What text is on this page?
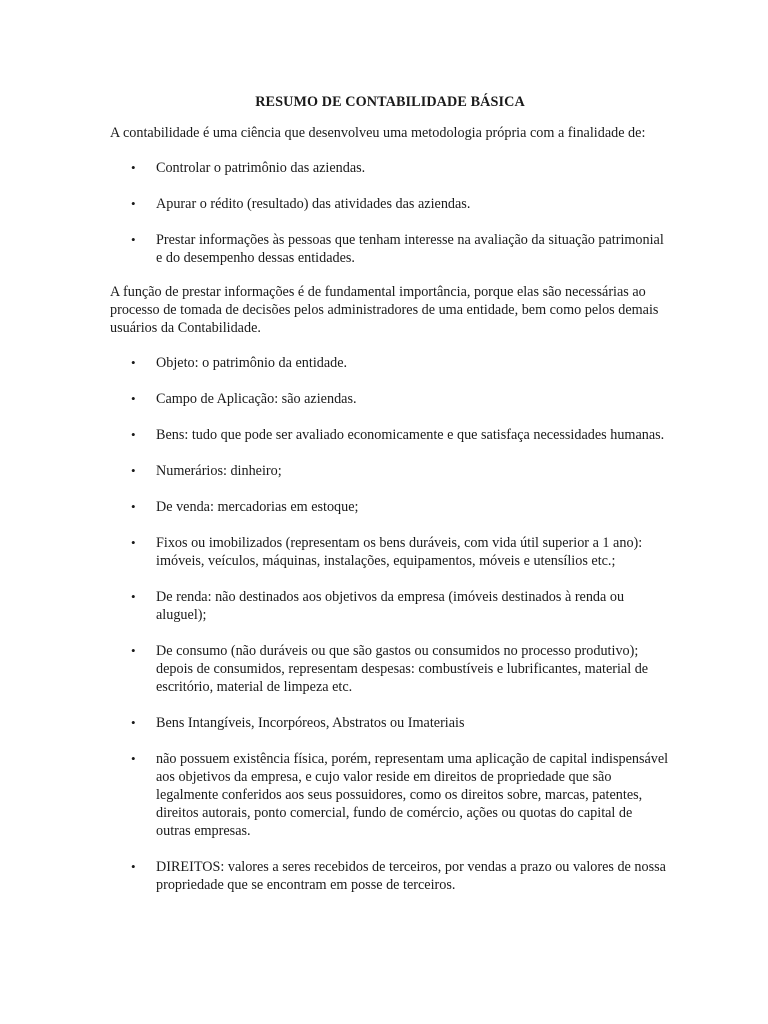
RESUMO DE CONTABILIDADE BÁSICA

A contabilidade é uma ciência que desenvolveu uma metodologia própria com a finalidade de:

• Controlar o patrimônio das aziendas.
• Apurar o rédito (resultado) das atividades das aziendas.
• Prestar informações às pessoas que tenham interesse na avaliação da situação patrimonial e do desempenho dessas entidades.

A função de prestar informações é de fundamental importância, porque elas são necessárias ao processo de tomada de decisões pelos administradores de uma entidade, bem como pelos demais usuários da Contabilidade.

• Objeto: o patrimônio da entidade.
• Campo de Aplicação: são aziendas.
• Bens: tudo que pode ser avaliado economicamente e que satisfaça necessidades humanas.
• Numerários: dinheiro;
• De venda: mercadorias em estoque;
• Fixos ou imobilizados (representam os bens duráveis, com vida útil superior a 1 ano): imóveis, veículos, máquinas, instalações, equipamentos, móveis e utensílios etc.;
• De renda: não destinados aos objetivos da empresa (imóveis destinados à renda ou aluguel);
• De consumo (não duráveis ou que são gastos ou consumidos no processo produtivo); depois de consumidos, representam despesas: combustíveis e lubrificantes, material de escritório, material de limpeza etc.
• Bens Intangíveis, Incorpóreos, Abstratos ou Imateriais
• não possuem existência física, porém, representam uma aplicação de capital indispensável aos objetivos da empresa, e cujo valor reside em direitos de propriedade que são legalmente conferidos aos seus possuidores, como os direitos sobre, marcas, patentes, direitos autorais, ponto comercial, fundo de comércio, ações ou quotas do capital de outras empresas.
• DIREITOS: valores a seres recebidos de terceiros, por vendas a prazo ou valores de nossa propriedade que se encontram em posse de terceiros.
